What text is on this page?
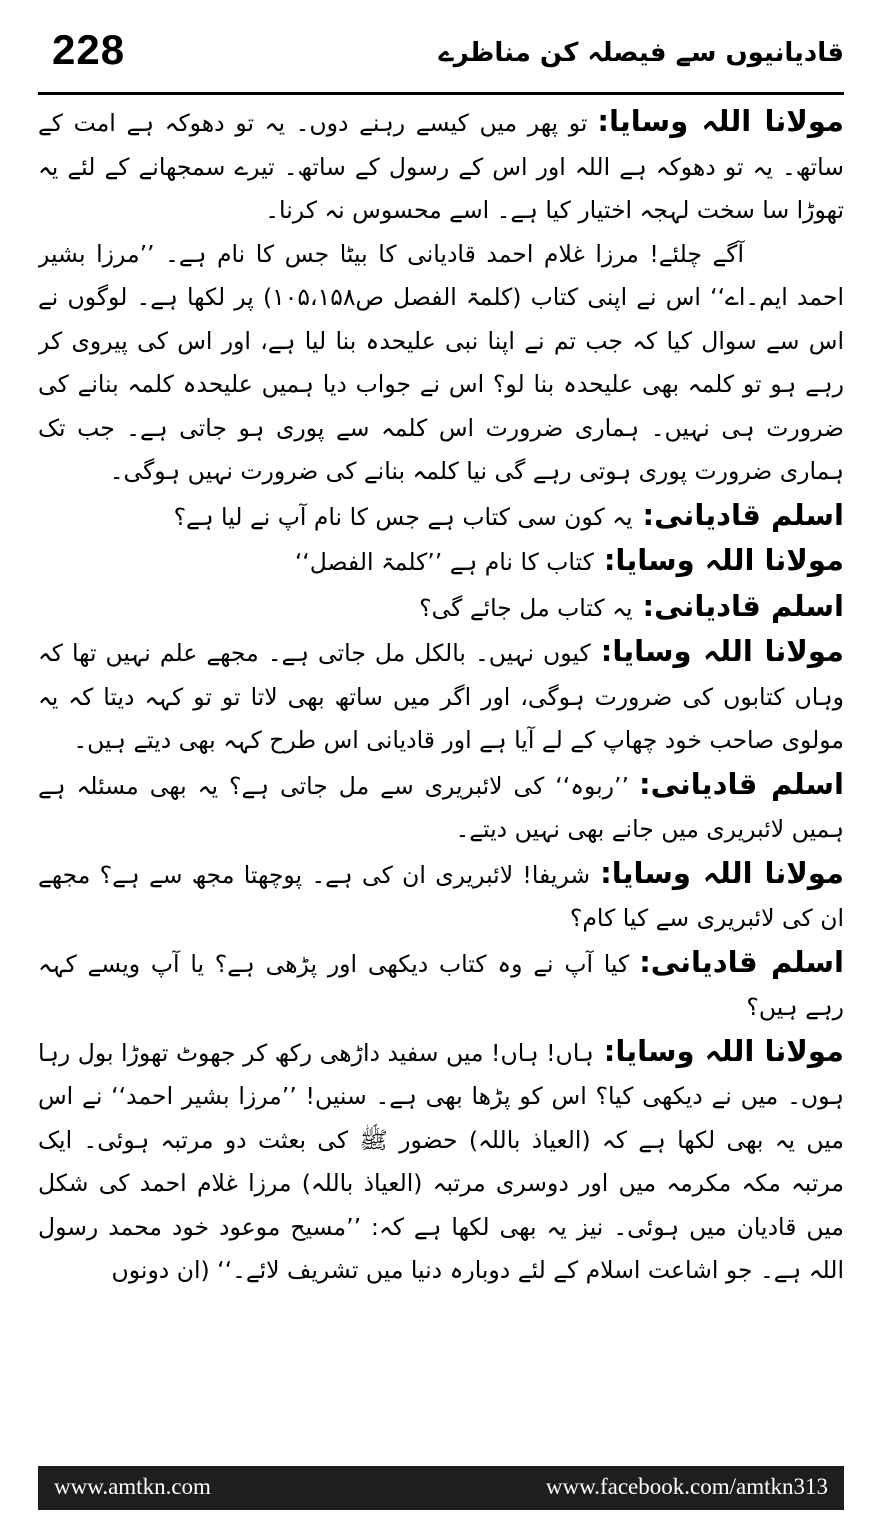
228	قادیانیوں سے فیصلہ کن مناظرے

مولانا اللہ وسایا:تو پھر میں کیسے رہنے دوں۔ یہ تو دھوکہ ہے امت کے ساتھ۔ یہ تو دھوکہ ہے اللہ اور اس کے رسول کے ساتھ۔ تیرے سمجھانے کے لئے یہ تھوڑا سا سخت لہجہ اختیار کیا ہے۔ اسے محسوس نہ کرنا۔

آگے چلئے! مرزا غلام احمد قادیانی کا بیٹا جس کا نام ہے۔ ’’مرزا بشیر احمد ایم۔اے‘‘ اس نے اپنی کتاب (کلمۃ الفصل ص۱۰۵،۱۵۸) پر لکھا ہے۔ لوگوں نے اس سے سوال کیا کہ جب تم نے اپنا نبی علیحدہ بنا لیا ہے، اور اس کی پیروی کر رہے ہو تو کلمہ بھی علیحدہ بنا لو؟ اس نے جواب دیا ہمیں علیحدہ کلمہ بنانے کی ضرورت ہی نہیں۔ ہماری ضرورت اس کلمہ سے پوری ہو جاتی ہے۔ جب تک ہماری ضرورت پوری ہوتی رہے گی نیا کلمہ بنانے کی ضرورت نہیں ہوگی۔

اسلم قادیانی:یہ کون سی کتاب ہے جس کا نام آپ نے لیا ہے؟

مولانا اللہ وسایا:کتاب کا نام ہے ’’کلمۃ الفصل‘‘

اسلم قادیانی:یہ کتاب مل جائے گی؟

مولانا اللہ وسایا:کیوں نہیں۔ بالکل مل جاتی ہے۔ مجھے علم نہیں تھا کہ وہاں کتابوں کی ضرورت ہوگی، اور اگر میں ساتھ بھی لاتا تو تو کہہ دیتا کہ یہ مولوی صاحب خود چھاپ کے لے آیا ہے اور قادیانی اس طرح کہہ بھی دیتے ہیں۔

اسلم قادیانی:’’ربوہ‘‘ کی لائبریری سے مل جاتی ہے؟ یہ بھی مسئلہ ہے ہمیں لائبریری میں جانے بھی نہیں دیتے۔

مولانا اللہ وسایا:شریفا! لائبریری ان کی ہے۔ پوچھتا مجھ سے ہے؟ مجھے ان کی لائبریری سے کیا کام؟

اسلم قادیانی:کیا آپ نے وہ کتاب دیکھی اور پڑھی ہے؟ یا آپ ویسے کہہ رہے ہیں؟

مولانا اللہ وسایا:ہاں! ہاں! میں سفید داڑھی رکھ کر جھوٹ تھوڑا بول رہا ہوں۔ میں نے دیکھی کیا؟ اس کو پڑھا بھی ہے۔ سنیں! ’’مرزا بشیر احمد‘‘ نے اس میں یہ بھی لکھا ہے کہ (العیاذ باللہ) حضور ﷺ کی بعثت دو مرتبہ ہوئی۔ ایک مرتبہ مکہ مکرمہ میں اور دوسری مرتبہ (العیاذ باللہ) مرزا غلام احمد کی شکل میں قادیان میں ہوئی۔ نیز یہ بھی لکھا ہے کہ: ’’مسیح موعود خود محمد رسول اللہ ہے۔ جو اشاعت اسلام کے لئے دوبارہ دنیا میں تشریف لائے۔‘‘ (ان دونوں

www.amtkn.com	www.facebook.com/amtkn313
